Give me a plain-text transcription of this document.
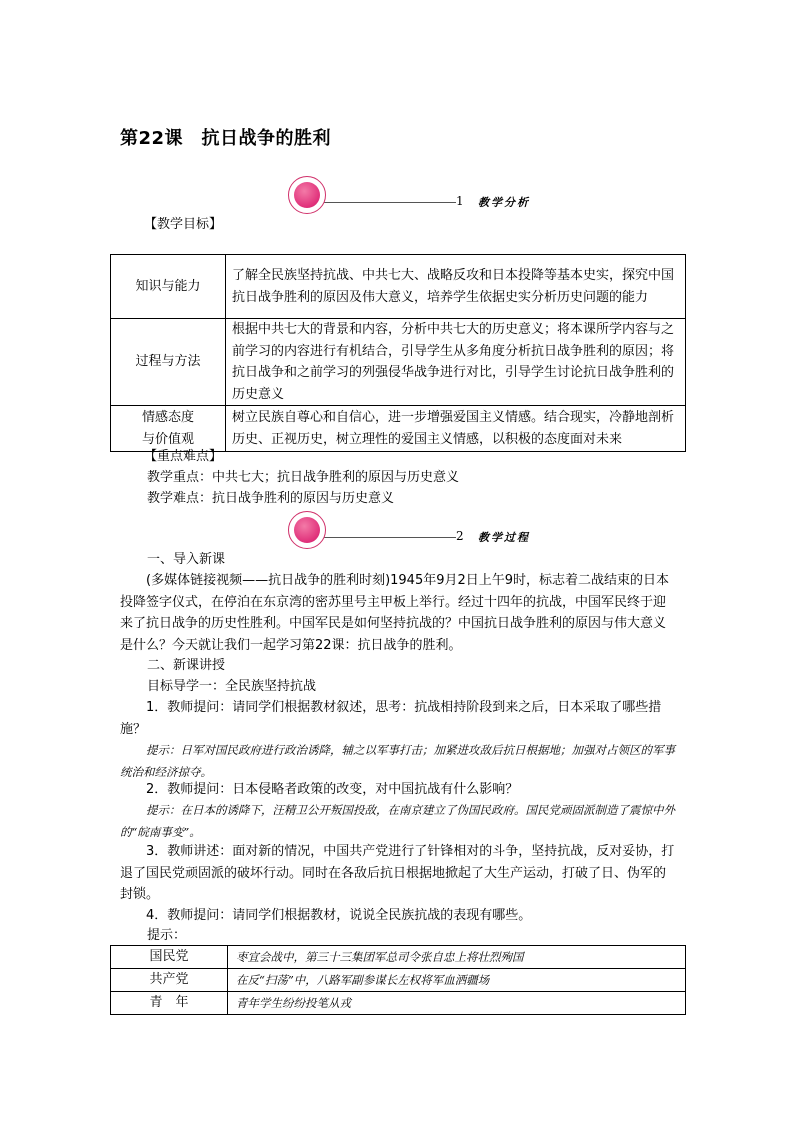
第22课　抗日战争的胜利
1 教学分析
【教学目标】
知识与能力	了解全民族坚持抗战、中共七大、战略反攻和日本投降等基本史实，探究中国抗日战争胜利的原因及伟大意义，培养学生依据史实分析历史问题的能力
过程与方法	根据中共七大的背景和内容，分析中共七大的历史意义；将本课所学内容与之前学习的内容进行有机结合，引导学生从多角度分析抗日战争胜利的原因；将抗日战争和之前学习的列强侵华战争进行对比，引导学生讨论抗日战争胜利的历史意义

情感态度
与价值观	树立民族自尊心和自信心，进一步增强爱国主义情感。结合现实，冷静地剖析历史、正视历史，树立理性的爱国主义情感，以积极的态度面对未来
【重点难点】
教学重点：中共七大；抗日战争胜利的原因与历史意义
教学难点：抗日战争胜利的原因与历史意义
2 教学过程
一、导入新课
(多媒体链接视频——抗日战争的胜利时刻)1945年9月2日上午9时，标志着二战结束的日本投降签字仪式，在停泊在东京湾的密苏里号主甲板上举行。经过十四年的抗战，中国军民终于迎来了抗日战争的历史性胜利。中国军民是如何坚持抗战的？中国抗日战争胜利的原因与伟大意义是什么？今天就让我们一起学习第22课：抗日战争的胜利。
二、新课讲授
目标导学一：全民族坚持抗战
1．教师提问：请同学们根据教材叙述，思考：抗战相持阶段到来之后，日本采取了哪些措施？
提示：日军对国民政府进行政治诱降，辅之以军事打击；加紧进攻敌后抗日根据地；加强对占领区的军事统治和经济掠夺。
2．教师提问：日本侵略者政策的改变，对中国抗战有什么影响？
提示：在日本的诱降下，汪精卫公开叛国投敌，在南京建立了伪国民政府。国民党顽固派制造了震惊中外的“皖南事变”。
3．教师讲述：面对新的情况，中国共产党进行了针锋相对的斗争，坚持抗战，反对妥协，打退了国民党顽固派的破坏行动。同时在各敌后抗日根据地掀起了大生产运动，打破了日、伪军的封锁。
4．教师提问：请同学们根据教材，说说全民族抗战的表现有哪些。
提示：
国民党	枣宜会战中，第三十三集团军总司令张自忠上将壮烈殉国
共产党	在反“扫荡”中，八路军副参谋长左权将军血洒疆场
青　年	青年学生纷纷投笔从戎
